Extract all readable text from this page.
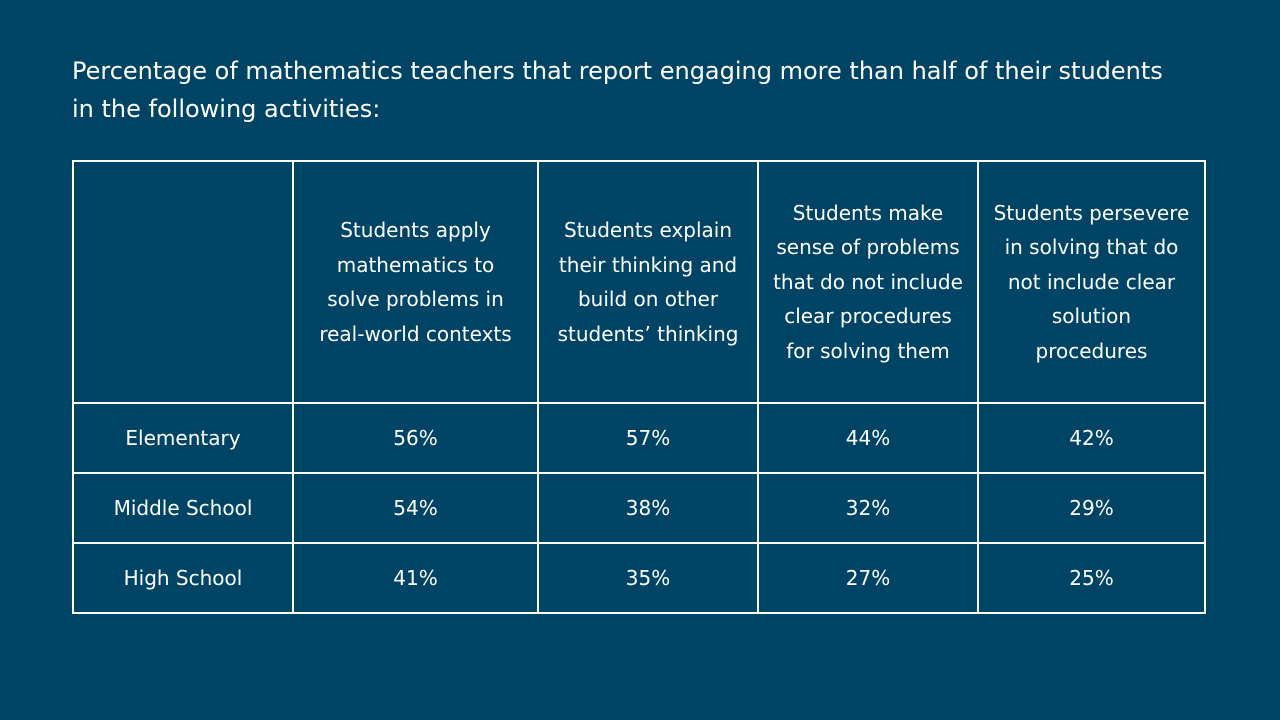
Percentage of mathematics teachers that report engaging more than half of their students in the following activities:
	Students apply mathematics to solve problems in real-world contexts	Students explain their thinking and build on other students’ thinking	Students make sense of problems that do not include clear procedures for solving them	Students persevere in solving that do not include clear solution procedures
Elementary	56%	57%	44%	42%
Middle School	54%	38%	32%	29%
High School	41%	35%	27%	25%
